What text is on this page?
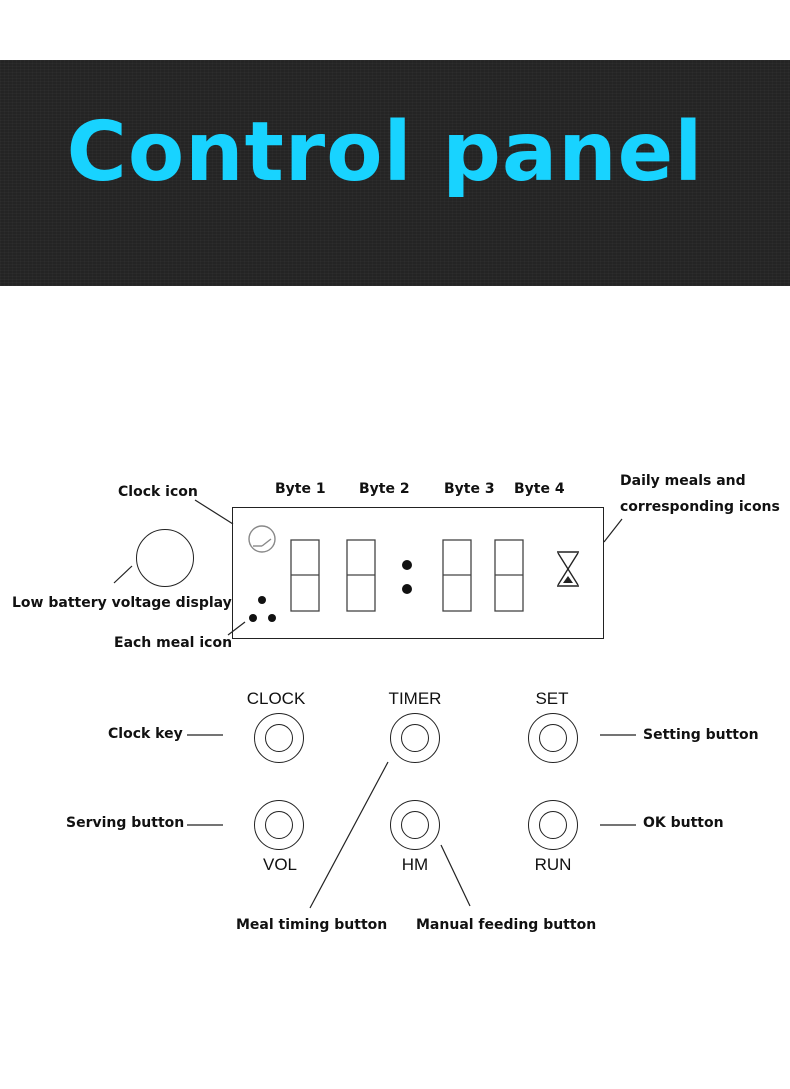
Control panel
Byte 1 Byte 2 Byte 3 Byte 4
Clock icon
Daily meals and
corresponding icons
Low battery voltage display
Each meal icon
CLOCK	TIMER	SET
VOL	HM	RUN
Clock key	Setting button
Serving button	OK button
Meal timing button Manual feeding button
